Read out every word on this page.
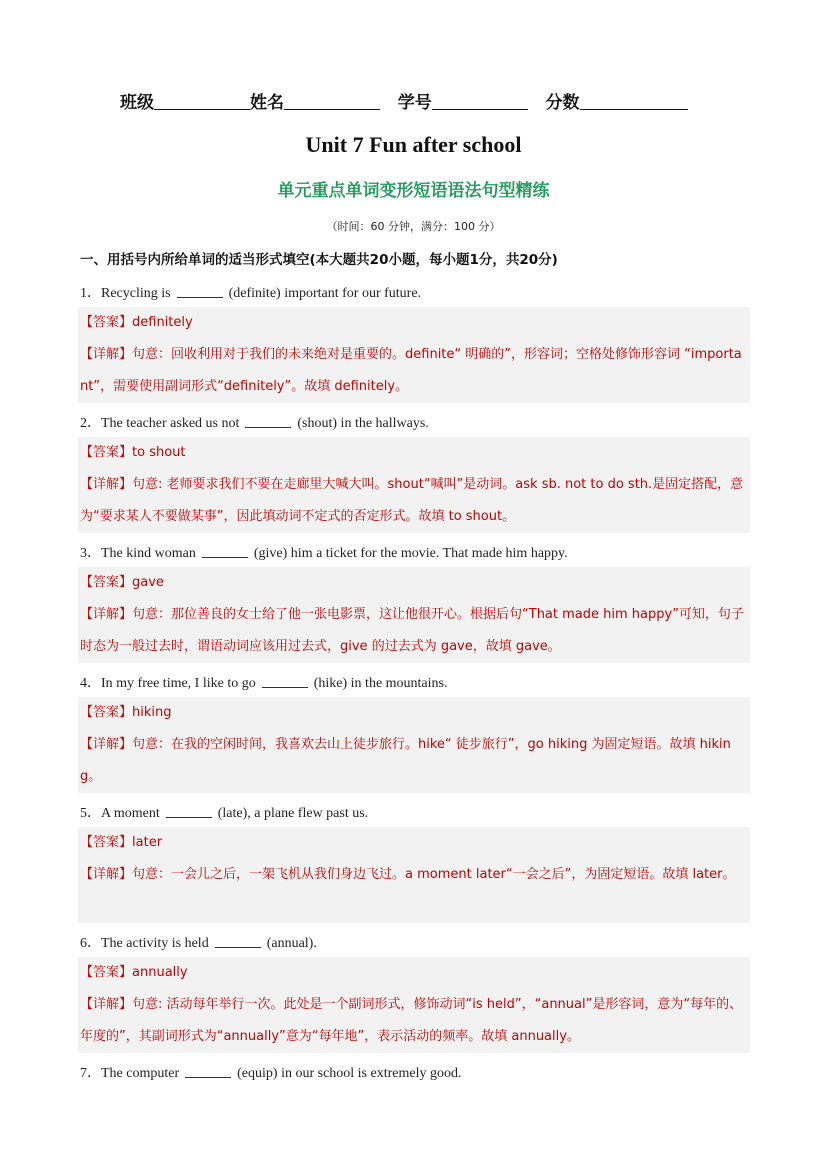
班级	姓名	学号	分数
Unit 7 Fun after school
单元重点单词变形短语语法句型精练
（时间：60 分钟，满分：100 分）
一、用括号内所给单词的适当形式填空(本大题共20小题，每小题1分，共20分)
1．Recycling is	(definite) important for our future.
【答案】definitely
【详解】句意：回收利用对于我们的未来绝对是重要的。definite“ 明确的”，形容词；空格处修饰形容词 “important”，需要使用副词形式“definitely”。故填 definitely。
2．The teacher asked us not	(shout) in the hallways.
【答案】to shout
【详解】句意: 老师要求我们不要在走廊里大喊大叫。shout“喊叫”是动词。ask sb. not to do sth.是固定搭配，意为“要求某人不要做某事”，因此填动词不定式的否定形式。故填 to shout。
3．The kind woman	(give) him a ticket for the movie. That made him happy.
【答案】gave
【详解】句意：那位善良的女士给了他一张电影票，这让他很开心。根据后句“That made him happy”可知，句子时态为一般过去时，谓语动词应该用过去式，give 的过去式为 gave，故填 gave。
4．In my free time, I like to go	(hike) in the mountains.
【答案】hiking
【详解】句意：在我的空闲时间，我喜欢去山上徒步旅行。hike“ 徒步旅行”，go hiking 为固定短语。故填 hiking。
5．A moment	(late), a plane flew past us.
【答案】later
【详解】句意：一会儿之后，一架飞机从我们身边飞过。a moment later“一会之后”，为固定短语。故填 later。
6．The activity is held	(annual).
【答案】annually
【详解】句意: 活动每年举行一次。此处是一个副词形式，修饰动词“is held”，“annual”是形容词，意为“每年的、年度的”，其副词形式为“annually”意为“每年地”，表示活动的频率。故填 annually。
7．The computer	(equip) in our school is extremely good.
